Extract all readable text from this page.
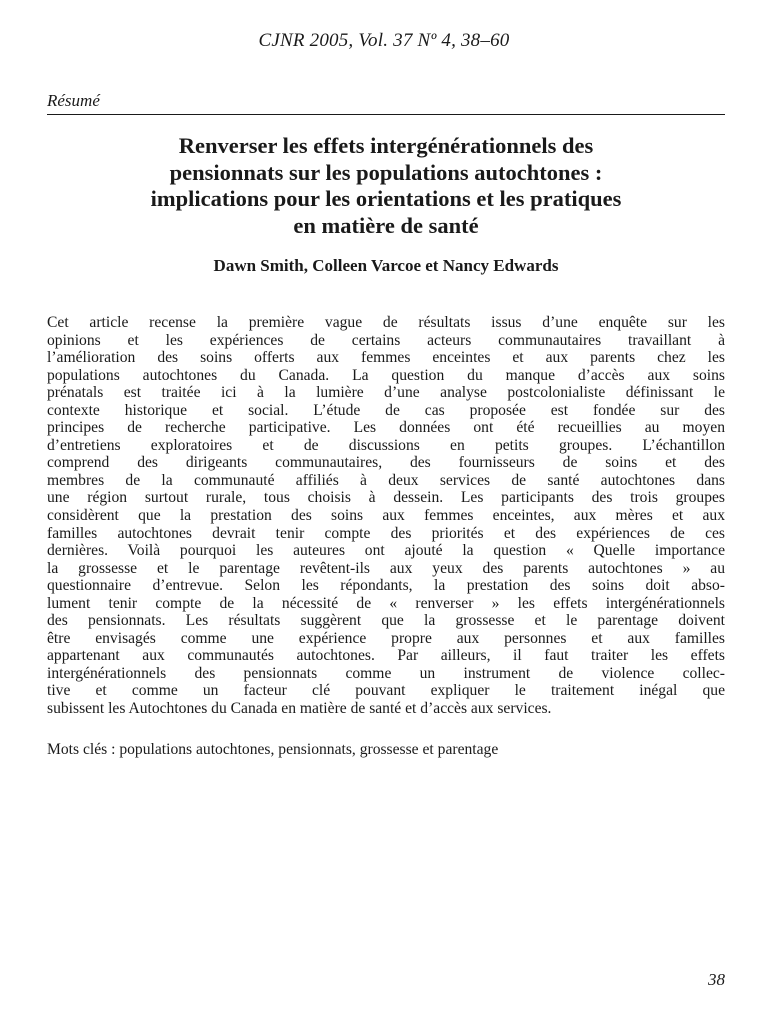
CJNR 2005, Vol. 37 Nº 4, 38–60
Résumé
Renverser les effets intergénérationnels des
pensionnats sur les populations autochtones :
implications pour les orientations et les pratiques
en matière de santé
Dawn Smith, Colleen Varcoe et Nancy Edwards
Cet article recense la première vague de résultats issus d’une enquête sur les
opinions et les expériences de certains acteurs communautaires travaillant à
l’amélioration des soins offerts aux femmes enceintes et aux parents chez les
populations autochtones du Canada. La question du manque d’accès aux soins
prénatals est traitée ici à la lumière d’une analyse postcolonialiste définissant le
contexte historique et social. L’étude de cas proposée est fondée sur des
principes de recherche participative. Les données ont été recueillies au moyen
d’entretiens exploratoires et de discussions en petits groupes. L’échantillon
comprend des dirigeants communautaires, des fournisseurs de soins et des
membres de la communauté affiliés à deux services de santé autochtones dans
une région surtout rurale, tous choisis à dessein. Les participants des trois groupes
considèrent que la prestation des soins aux femmes enceintes, aux mères et aux
familles autochtones devrait tenir compte des priorités et des expériences de ces
dernières. Voilà pourquoi les auteures ont ajouté la question « Quelle importance
la grossesse et le parentage revêtent-ils aux yeux des parents autochtones » au
questionnaire d’entrevue. Selon les répondants, la prestation des soins doit abso-
lument tenir compte de la nécessité de « renverser » les effets intergénérationnels
des pensionnats. Les résultats suggèrent que la grossesse et le parentage doivent
être envisagés comme une expérience propre aux personnes et aux familles
appartenant aux communautés autochtones. Par ailleurs, il faut traiter les effets
intergénérationnels des pensionnats comme un instrument de violence collec-
tive et comme un facteur clé pouvant expliquer le traitement inégal que
subissent les Autochtones du Canada en matière de santé et d’accès aux services.
Mots clés : populations autochtones, pensionnats, grossesse et parentage
38
